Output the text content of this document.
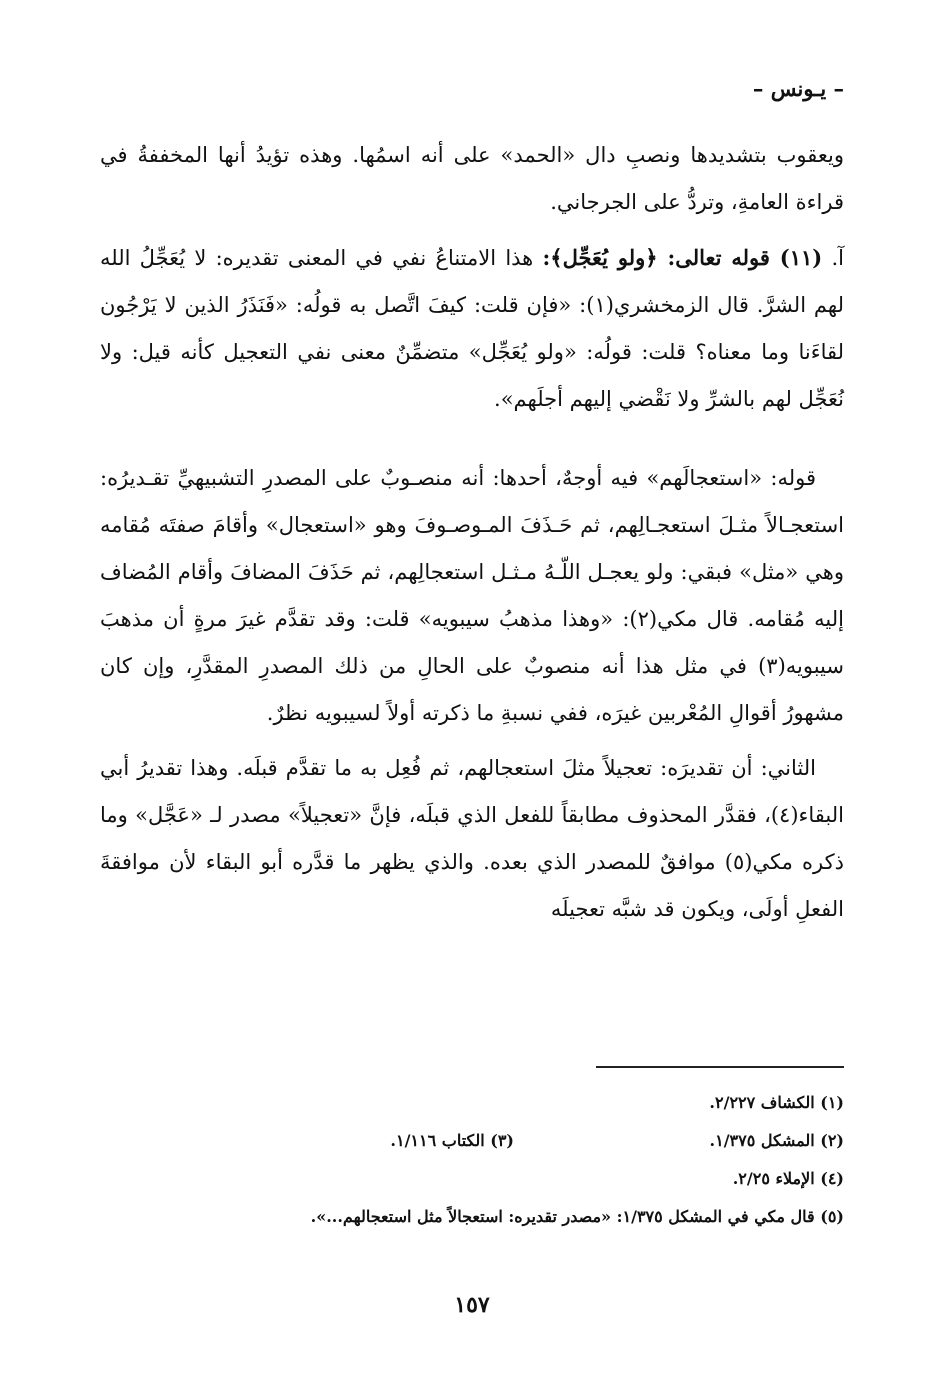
– يـونس –

ويعقوب بتشديدها ونصبِ دال «الحمد» على أنه اسمُها. وهذه تؤيدُ أنها المخففةُ في قراءة العامةِ، وتردُّ على الجرجاني.

آ. (١١) قوله تعالى: ﴿ولو يُعَجِّل﴾: هذا الامتناعُ نفي في المعنى تقديره: لا يُعَجِّلُ الله لهم الشرَّ. قال الزمخشري(١): «فإن قلت: كيفَ اتَّصل به قولُه: «فَنَذَرُ الذين لا يَرْجُون لقاءَنا وما معناه؟ قلت: قولُه: «ولو يُعَجِّل» متضمِّنٌ معنى نفي التعجيل كأنه قيل: ولا نُعَجِّل لهم بالشرِّ ولا نَقْضي إليهم أجلَهم».

قوله: «استعجالَهم» فيه أوجهٌ، أحدها: أنه منصـوبٌ على المصدرِ التشبيهيِّ تقـديرُه: استعجـالاً مثـلَ استعجـالِهم، ثم حَـذَفَ المـوصـوفَ وهو «استعجال» وأقامَ صفتَه مُقامه وهي «مثل» فبقي: ولو يعجـل اللّـهُ مـثـل استعجالِهم، ثم حَذَفَ المضافَ وأقام المُضاف إليه مُقامه. قال مكي(٢): «وهذا مذهبُ سيبويه» قلت: وقد تقدَّم غيرَ مرةٍ أن مذهبَ سيبويه(٣) في مثل هذا أنه منصوبٌ على الحالِ من ذلك المصدرِ المقدَّرِ، وإن كان مشهورُ أقوالِ المُعْربين غيرَه، ففي نسبةِ ما ذكرته أولاً لسيبويه نظرٌ.

الثاني: أن تقديرَه: تعجيلاً مثلَ استعجالهم، ثم فُعِل به ما تقدَّم قبلَه. وهذا تقديرُ أبي البقاء(٤)، فقدَّر المحذوف مطابقاً للفعل الذي قبلَه، فإنَّ «تعجيلاً» مصدر لـ «عَجَّل» وما ذكره مكي(٥) موافقٌ للمصدر الذي بعده. والذي يظهر ما قدَّره أبو البقاء لأن موافقةَ الفعلِ أولَى، ويكون قد شبَّه تعجيلَه

(١) الكشاف ٢/٢٢٧.
(٢) المشكل ١/٣٧٥.
(٣) الكتاب ١/١١٦.
(٤) الإملاء ٢/٢٥.
(٥) قال مكي في المشكل ١/٣٧٥: «مصدر تقديره: استعجالاً مثل استعجالهم...».
١٥٧
